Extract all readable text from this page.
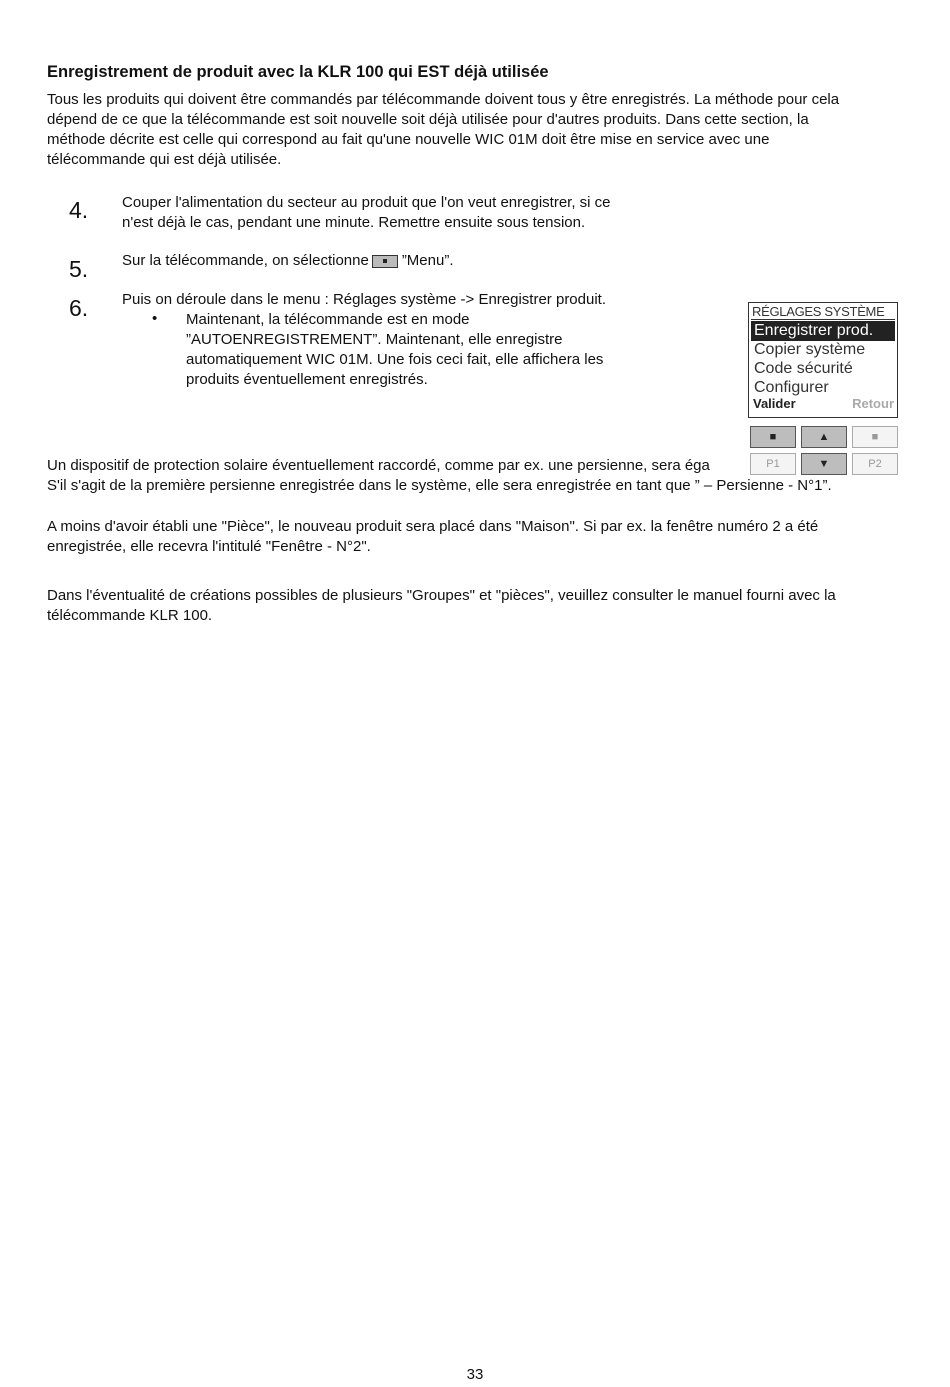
Enregistrement de produit avec la KLR 100 qui EST déjà utilisée
Tous les produits qui doivent être commandés par télécommande doivent tous y être enregistrés. La méthode pour cela
dépend de ce que la télécommande est soit nouvelle soit déjà utilisée pour d'autres produits. Dans cette section, la
méthode décrite est celle qui correspond au fait qu'une nouvelle WIC 01M doit être mise en service avec une
télécommande qui est déjà utilisée.
4. Couper l'alimentation du secteur au produit que l'on veut enregistrer, si ce
n'est déjà le cas, pendant une minute. Remettre ensuite sous tension.
5. Sur la télécommande, on sélectionne ”Menu”.
6. Puis on déroule dans le menu : Réglages système -> Enregistrer produit.
• Maintenant, la télécommande est en mode
”AUTOENREGISTREMENT”. Maintenant, elle enregistre
automatiquement WIC 01M. Une fois ceci fait, elle affichera les
produits éventuellement enregistrés.
Un dispositif de protection solaire éventuellement raccordé, comme par ex. une persienne, sera éga
S'il s'agit de la première persienne enregistrée dans le système, elle sera enregistrée en tant que ” – Persienne - N°1”.
RÉGLAGES SYSTÈME
Enregistrer prod.
Copier système
Code sécurité
Configurer
Valider	Retour
■	▲	■
P1	▼	P2
A moins d'avoir établi une "Pièce", le nouveau produit sera placé dans "Maison". Si par ex. la fenêtre numéro 2 a été
enregistrée, elle recevra l'intitulé "Fenêtre - N°2".
Dans l'éventualité de créations possibles de plusieurs "Groupes" et "pièces", veuillez consulter le manuel fourni avec la
télécommande KLR 100.
33
